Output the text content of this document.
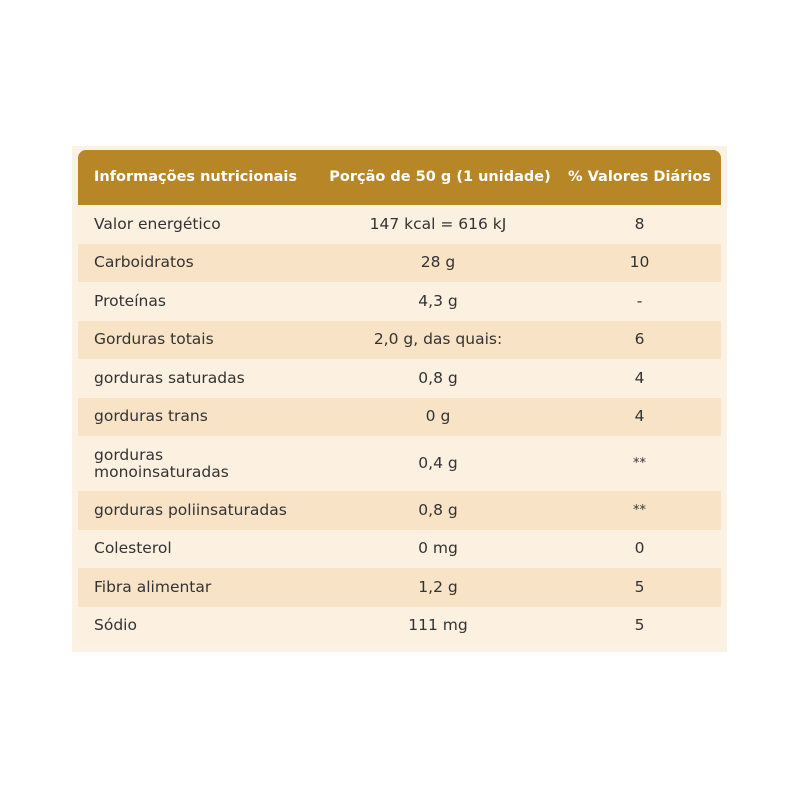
Informações nutricionais	Porção de 50 g (1 unidade)	% Valores Diários
Valor energético	147 kcal = 616 kJ	8
Carboidratos	28 g	10
Proteínas	4,3 g	-
Gorduras totais	2,0 g, das quais:	6
gorduras saturadas	0,8 g	4
gorduras trans	0 g	4
gorduras monoinsaturadas	0,4 g	**
gorduras poliinsaturadas	0,8 g	**
Colesterol	0 mg	0
Fibra alimentar	1,2 g	5
Sódio	111 mg	5
